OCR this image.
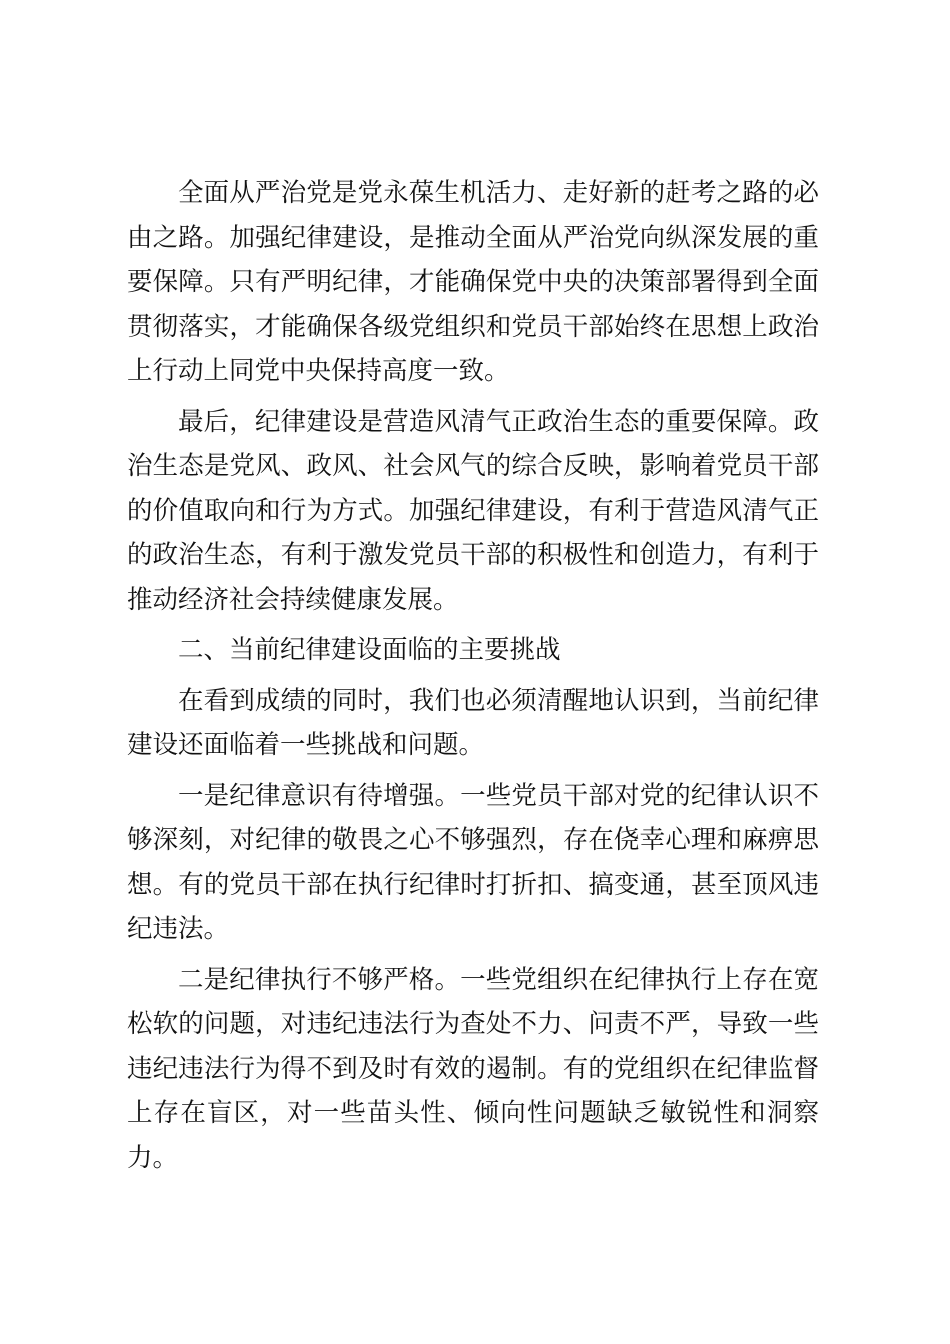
全面从严治党是党永葆生机活力、走好新的赶考之路的必由之路。加强纪律建设，是推动全面从严治党向纵深发展的重要保障。只有严明纪律，才能确保党中央的决策部署得到全面贯彻落实，才能确保各级党组织和党员干部始终在思想上政治上行动上同党中央保持高度一致。

最后，纪律建设是营造风清气正政治生态的重要保障。政治生态是党风、政风、社会风气的综合反映，影响着党员干部的价值取向和行为方式。加强纪律建设，有利于营造风清气正的政治生态，有利于激发党员干部的积极性和创造力，有利于推动经济社会持续健康发展。

二、当前纪律建设面临的主要挑战

在看到成绩的同时，我们也必须清醒地认识到，当前纪律建设还面临着一些挑战和问题。

一是纪律意识有待增强。一些党员干部对党的纪律认识不够深刻，对纪律的敬畏之心不够强烈，存在侥幸心理和麻痹思想。有的党员干部在执行纪律时打折扣、搞变通，甚至顶风违纪违法。

二是纪律执行不够严格。一些党组织在纪律执行上存在宽松软的问题，对违纪违法行为查处不力、问责不严，导致一些违纪违法行为得不到及时有效的遏制。有的党组织在纪律监督上存在盲区，对一些苗头性、倾向性问题缺乏敏锐性和洞察力。
